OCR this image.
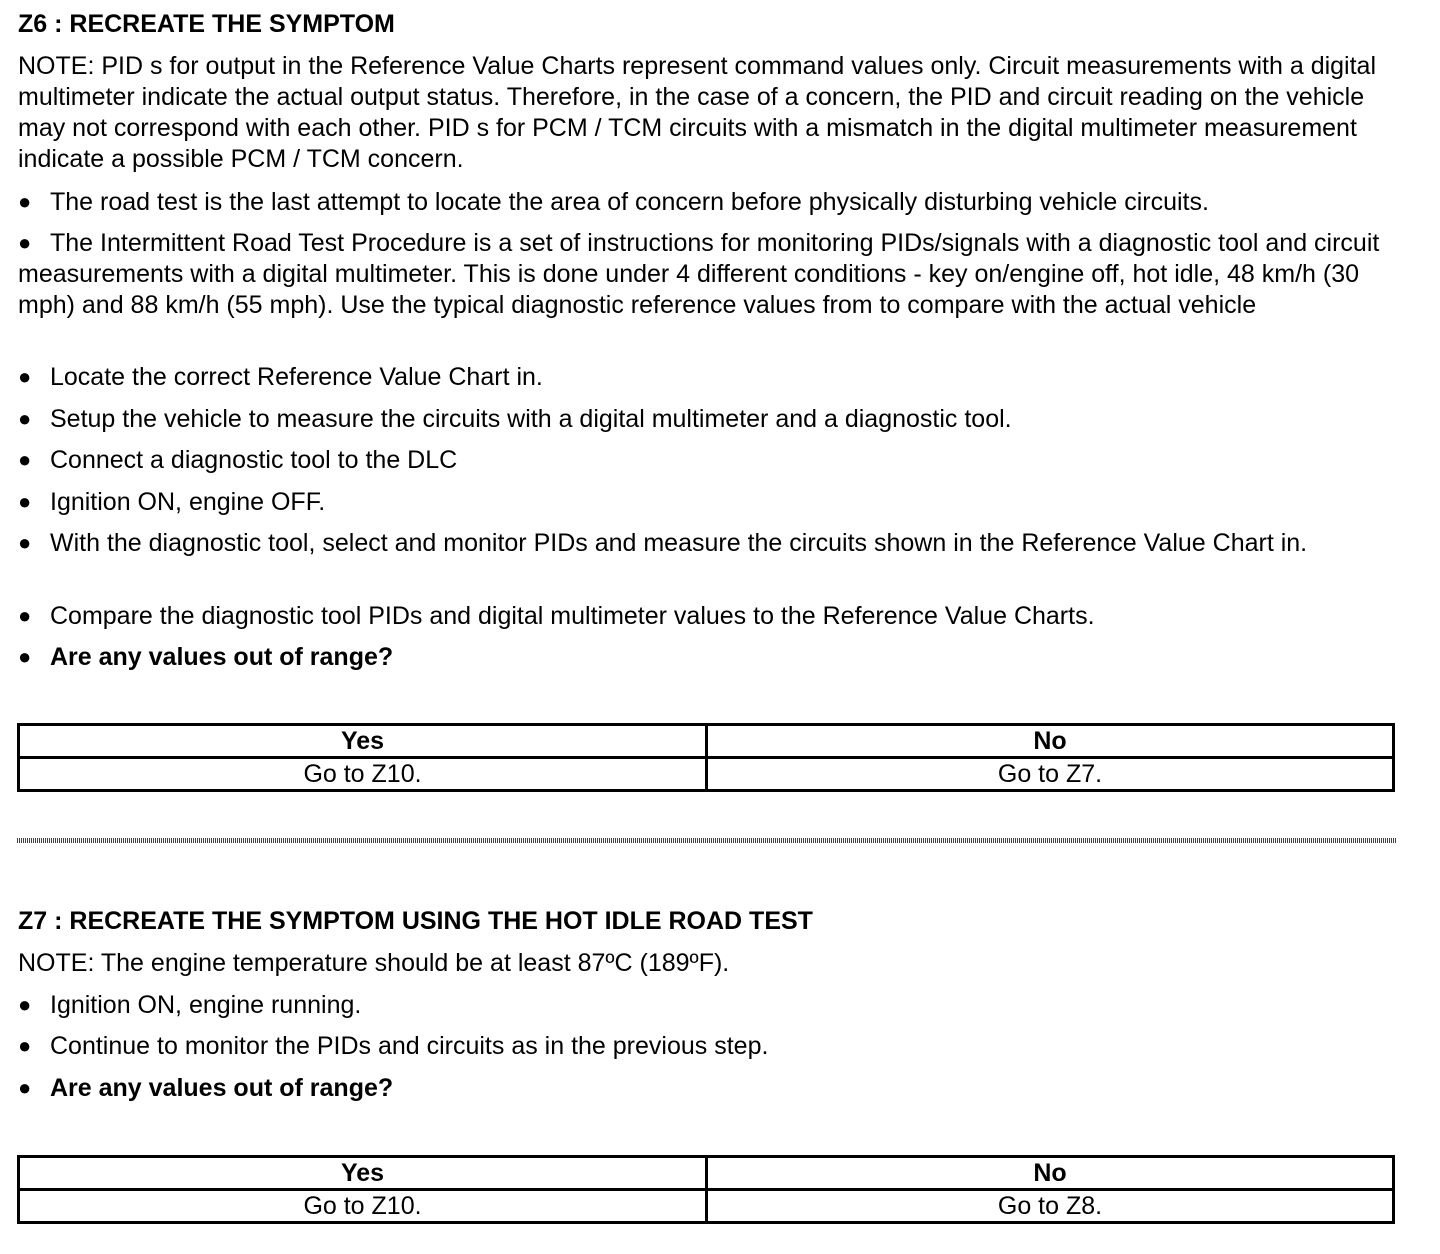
Z6 : RECREATE THE SYMPTOM

NOTE: PID s for output in the Reference Value Charts represent command values only. Circuit measurements with a digital multimeter indicate the actual output status. Therefore, in the case of a concern, the PID and circuit reading on the vehicle may not correspond with each other. PID s for PCM / TCM circuits with a mismatch in the digital multimeter measurement indicate a possible PCM / TCM concern.

● The road test is the last attempt to locate the area of concern before physically disturbing vehicle circuits.

● The Intermittent Road Test Procedure is a set of instructions for monitoring PIDs/signals with a diagnostic tool and circuit measurements with a digital multimeter. This is done under 4 different conditions - key on/engine off, hot idle, 48 km/h (30 mph) and 88 km/h (55 mph). Use the typical diagnostic reference values from to compare with the actual vehicle

● Locate the correct Reference Value Chart in.

● Setup the vehicle to measure the circuits with a digital multimeter and a diagnostic tool.

● Connect a diagnostic tool to the DLC

● Ignition ON, engine OFF.

● With the diagnostic tool, select and monitor PIDs and measure the circuits shown in the Reference Value Chart in.

● Compare the diagnostic tool PIDs and digital multimeter values to the Reference Value Charts.

● Are any values out of range?

Yes	No
Go to Z10.	Go to Z7.
Z7 : RECREATE THE SYMPTOM USING THE HOT IDLE ROAD TEST

NOTE: The engine temperature should be at least 87ºC (189ºF).

● Ignition ON, engine running.

● Continue to monitor the PIDs and circuits as in the previous step.

● Are any values out of range?

Yes	No
Go to Z10.	Go to Z8.
